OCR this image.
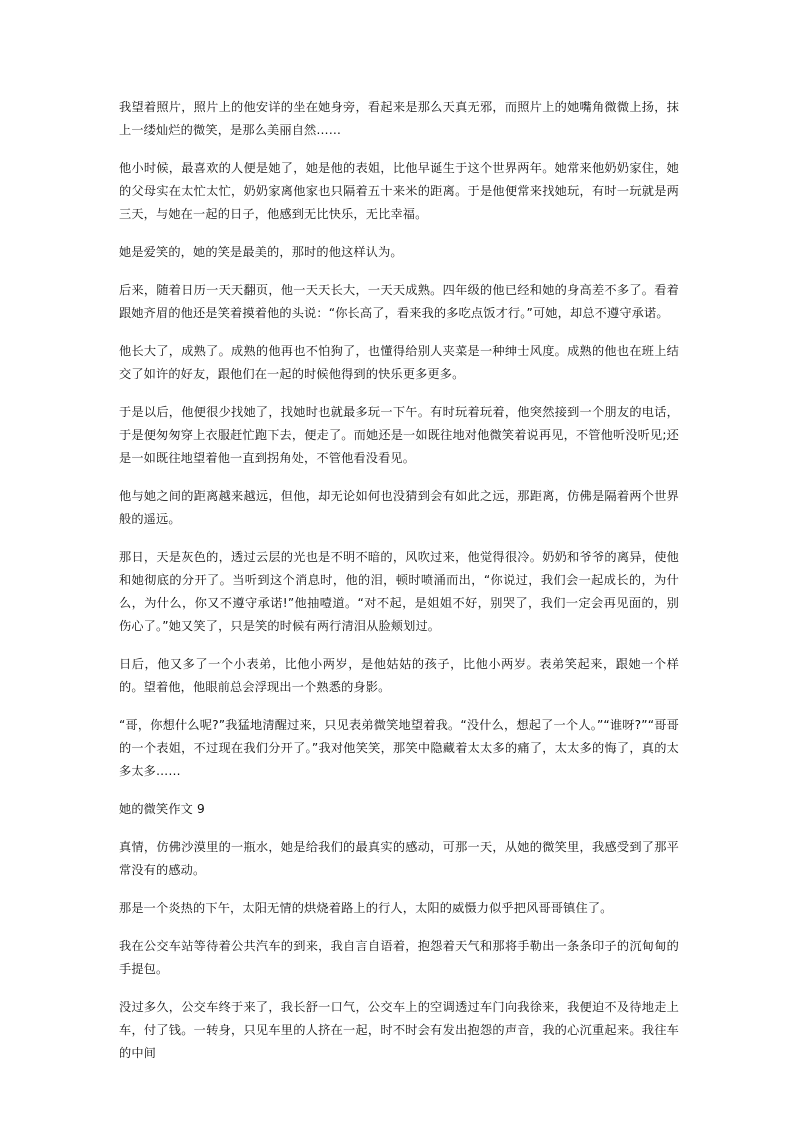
我望着照片，照片上的他安详的坐在她身旁，看起来是那么天真无邪，而照片上的她嘴角微微上扬，抹上一缕灿烂的微笑，是那么美丽自然……

他小时候，最喜欢的人便是她了，她是他的表姐，比他早诞生于这个世界两年。她常来他奶奶家住，她的父母实在太忙太忙，奶奶家离他家也只隔着五十来米的距离。于是他便常来找她玩，有时一玩就是两三天，与她在一起的日子，他感到无比快乐，无比幸福。

她是爱笑的，她的笑是最美的，那时的他这样认为。

后来，随着日历一天天翻页，他一天天长大，一天天成熟。四年级的他已经和她的身高差不多了。看着跟她齐眉的他还是笑着摸着他的头说：“你长高了，看来我的多吃点饭才行。”可她，却总不遵守承诺。

他长大了，成熟了。成熟的他再也不怕狗了，也懂得给别人夹菜是一种绅士风度。成熟的他也在班上结交了如许的好友，跟他们在一起的时候他得到的快乐更多更多。

于是以后，他便很少找她了，找她时也就最多玩一下午。有时玩着玩着，他突然接到一个朋友的电话，于是便匆匆穿上衣服赶忙跑下去，便走了。而她还是一如既往地对他微笑着说再见，不管他听没听见;还是一如既往地望着他一直到拐角处，不管他看没看见。

他与她之间的距离越来越远，但他，却无论如何也没猜到会有如此之远，那距离，仿佛是隔着两个世界般的遥远。

那日，天是灰色的，透过云层的光也是不明不暗的，风吹过来，他觉得很冷。奶奶和爷爷的离异，使他和她彻底的分开了。当听到这个消息时，他的泪，顿时喷涌而出，“你说过，我们会一起成长的，为什么，为什么，你又不遵守承诺!”他抽噎道。“对不起，是姐姐不好，别哭了，我们一定会再见面的，别伤心了。”她又笑了，只是笑的时候有两行清泪从脸颊划过。

日后，他又多了一个小表弟，比他小两岁，是他姑姑的孩子，比他小两岁。表弟笑起来，跟她一个样的。望着他，他眼前总会浮现出一个熟悉的身影。

“哥，你想什么呢?”我猛地清醒过来，只见表弟微笑地望着我。“没什么，想起了一个人。”“谁呀?”“哥哥的一个表姐，不过现在我们分开了。”我对他笑笑，那笑中隐藏着太太多的痛了，太太多的悔了，真的太多太多……

她的微笑作文 9

真情，仿佛沙漠里的一瓶水，她是给我们的最真实的感动，可那一天，从她的微笑里，我感受到了那平常没有的感动。

那是一个炎热的下午，太阳无情的烘烧着路上的行人，太阳的威慑力似乎把风哥哥镇住了。

我在公交车站等待着公共汽车的到来，我自言自语着，抱怨着天气和那将手勒出一条条印子的沉甸甸的手提包。

没过多久，公交车终于来了，我长舒一口气，公交车上的空调透过车门向我徐来，我便迫不及待地走上车，付了钱。一转身，只见车里的人挤在一起，时不时会有发出抱怨的声音，我的心沉重起来。我往车的中间
